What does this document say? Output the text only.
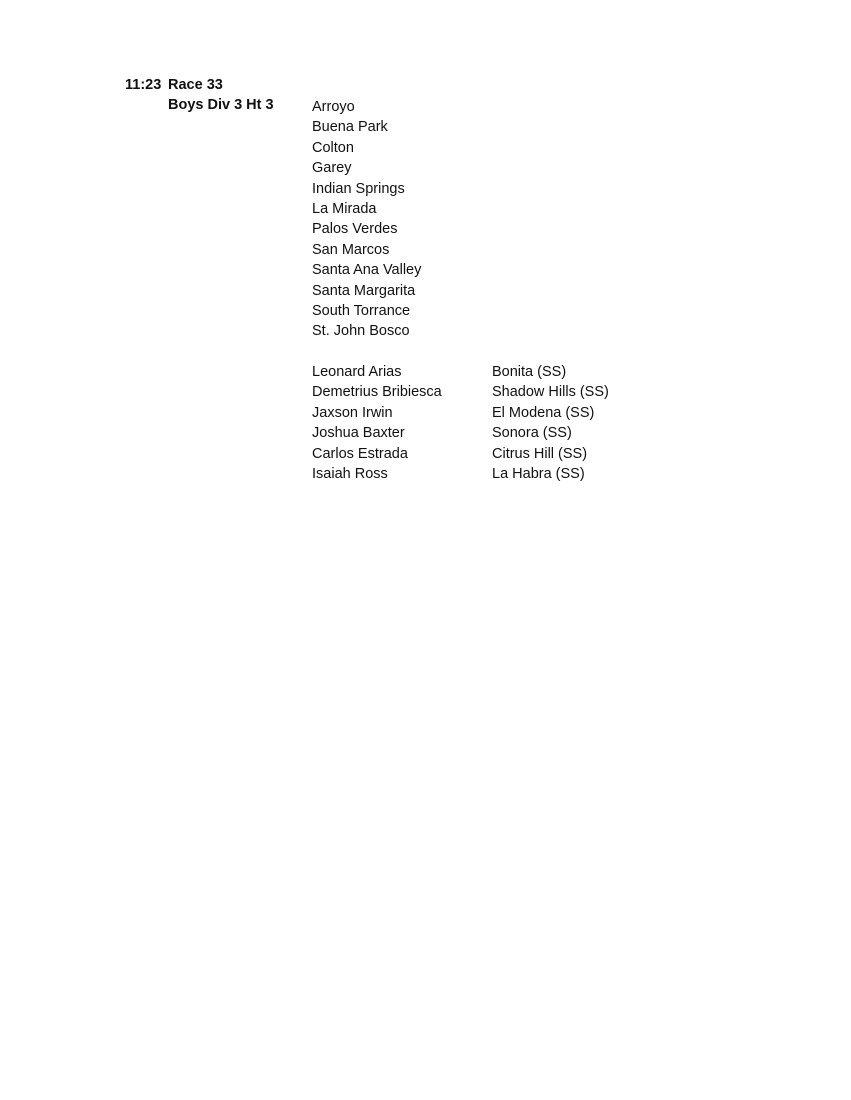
11:23 Race 33
Boys Div 3 Ht 3	Arroyo
Buena Park
Colton
Garey
Indian Springs
La Mirada
Palos Verdes
San Marcos
Santa Ana Valley
Santa Margarita
South Torrance
St. John Bosco
Leonard Arias	Bonita (SS)
Demetrius Bribiesca	Shadow Hills (SS)
Jaxson Irwin	El Modena (SS)
Joshua Baxter	Sonora (SS)
Carlos Estrada	Citrus Hill (SS)
Isaiah Ross	La Habra (SS)
